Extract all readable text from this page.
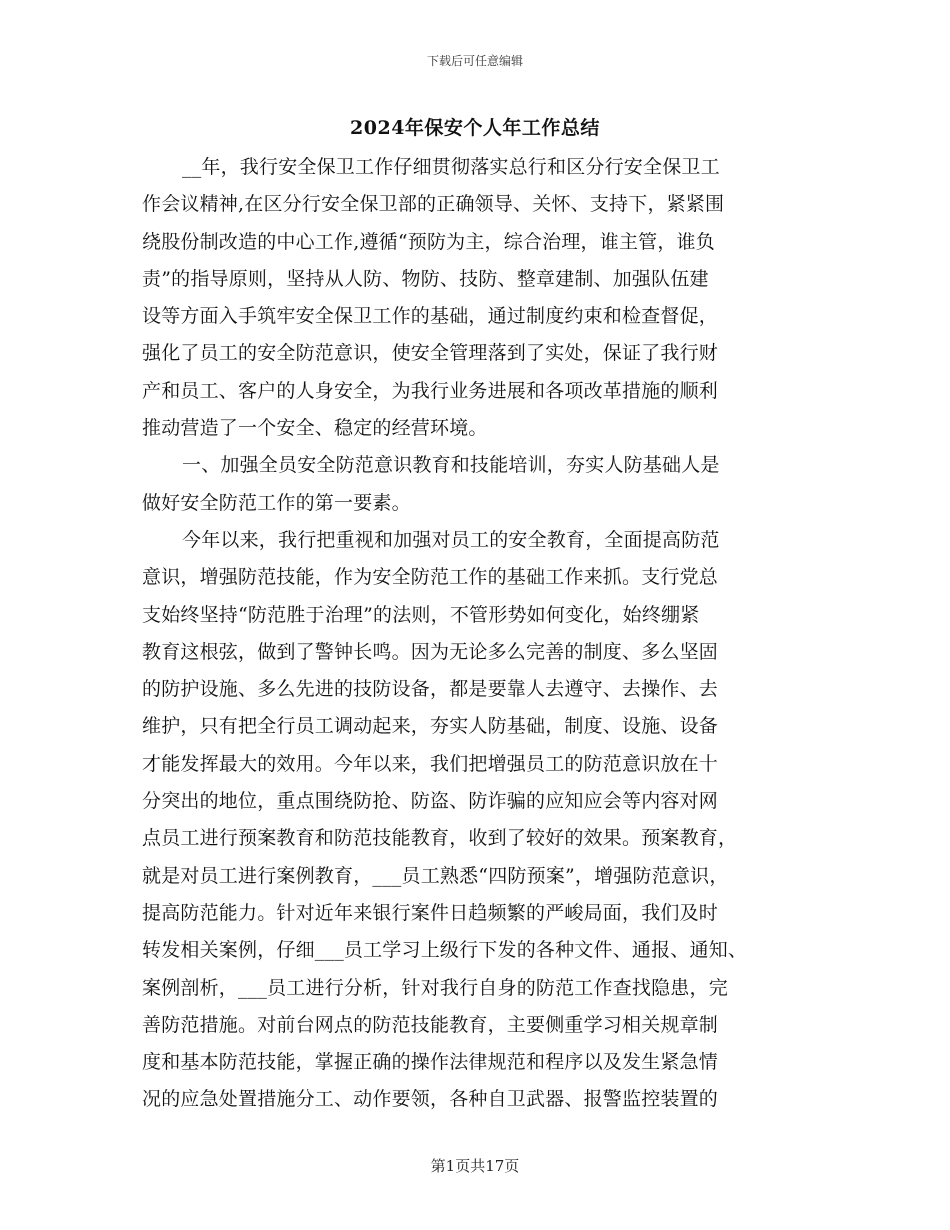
下载后可任意编辑
2024年保安个人年工作总结
__年，我行安全保卫工作仔细贯彻落实总行和区分行安全保卫工
作会议精神,在区分行安全保卫部的正确领导、关怀、支持下，紧紧围
绕股份制改造的中心工作,遵循“预防为主，综合治理，谁主管，谁负
责”的指导原则，坚持从人防、物防、技防、整章建制、加强队伍建
设等方面入手筑牢安全保卫工作的基础，通过制度约束和检查督促，
强化了员工的安全防范意识，使安全管理落到了实处，保证了我行财
产和员工、客户的人身安全，为我行业务进展和各项改革措施的顺利
推动营造了一个安全、稳定的经营环境。
一、加强全员安全防范意识教育和技能培训，夯实人防基础人是
做好安全防范工作的第一要素。
今年以来，我行把重视和加强对员工的安全教育，全面提高防范
意识，增强防范技能，作为安全防范工作的基础工作来抓。支行党总
支始终坚持“防范胜于治理”的法则，不管形势如何变化，始终绷紧
教育这根弦，做到了警钟长鸣。因为无论多么完善的制度、多么坚固
的防护设施、多么先进的技防设备，都是要靠人去遵守、去操作、去
维护，只有把全行员工调动起来，夯实人防基础，制度、设施、设备
才能发挥最大的效用。今年以来，我们把增强员工的防范意识放在十
分突出的地位，重点围绕防抢、防盗、防诈骗的应知应会等内容对网
点员工进行预案教育和防范技能教育，收到了较好的效果。预案教育，
就是对员工进行案例教育，___员工熟悉“四防预案”，增强防范意识，
提高防范能力。针对近年来银行案件日趋频繁的严峻局面，我们及时
转发相关案例，仔细___员工学习上级行下发的各种文件、通报、通知、
案例剖析，___员工进行分析，针对我行自身的防范工作查找隐患，完
善防范措施。对前台网点的防范技能教育，主要侧重学习相关规章制
度和基本防范技能，掌握正确的操作法律规范和程序以及发生紧急情
况的应急处置措施分工、动作要领，各种自卫武器、报警监控装置的
第1页共17页
